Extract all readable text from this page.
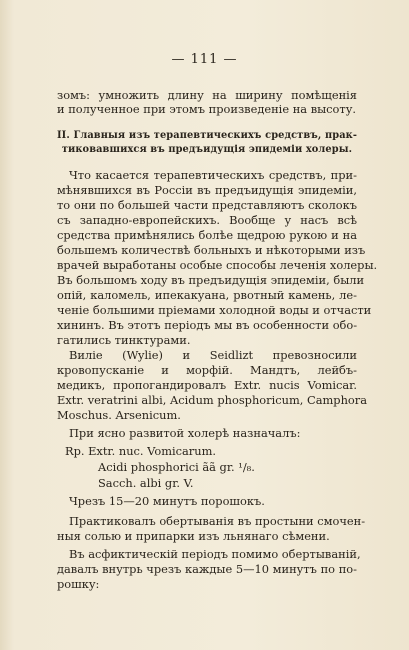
— 111 —
зомъ: умножить длину на ширину помѣщенія
и полученное при этомъ произведеніе на высоту.
II. Главныя изъ терапевтическихъ средствъ, прак-
тиковавшихся въ предъидущія эпидеміи холеры.
Что касается терапевтическихъ средствъ, при-
мѣнявшихся въ Россіи въ предъидущія эпидеміи,
то они по большей части представляютъ сколокъ
съ западно-европейскихъ. Вообще у насъ всѣ
средства примѣнялись болѣе щедрою рукою и на
большемъ количествѣ больныхъ и нѣкоторыми изъ
врачей выработаны особые способы леченія холеры.
Въ большомъ ходу въ предъидущія эпидеміи, были
опій, каломель, ипекакуана, рвотный камень, ле-
ченіе большими пріемами холодной воды и отчасти
хининъ. Въ этотъ періодъ мы въ особенности обо-
гатились тинктурами.
Виліе (Wylie) и Seidlizt превозносили
кровопусканіе и морфій. Мандтъ, лейбъ-
медикъ, пропогандировалъ Extr. nucis Vomicar.
Extr. veratrini albi, Acidum phosphoricum, Camphora
Moschus. Arsenicum.
При ясно развитой холерѣ назначалъ:
Rp. Extr. nuc. Vomicarum.
Acidi phosphorici ãã gr. ¹/₈.
Sacch. albi gr. V.
Чрезъ 15—20 минутъ порошокъ.
Практиковалъ обертыванія въ простыни смочен-
ныя солью и припарки изъ льнянаго сѣмени.
Въ асфиктическій періодъ помимо обертываній,
давалъ внутрь чрезъ каждые 5—10 минутъ по по-
рошку:
